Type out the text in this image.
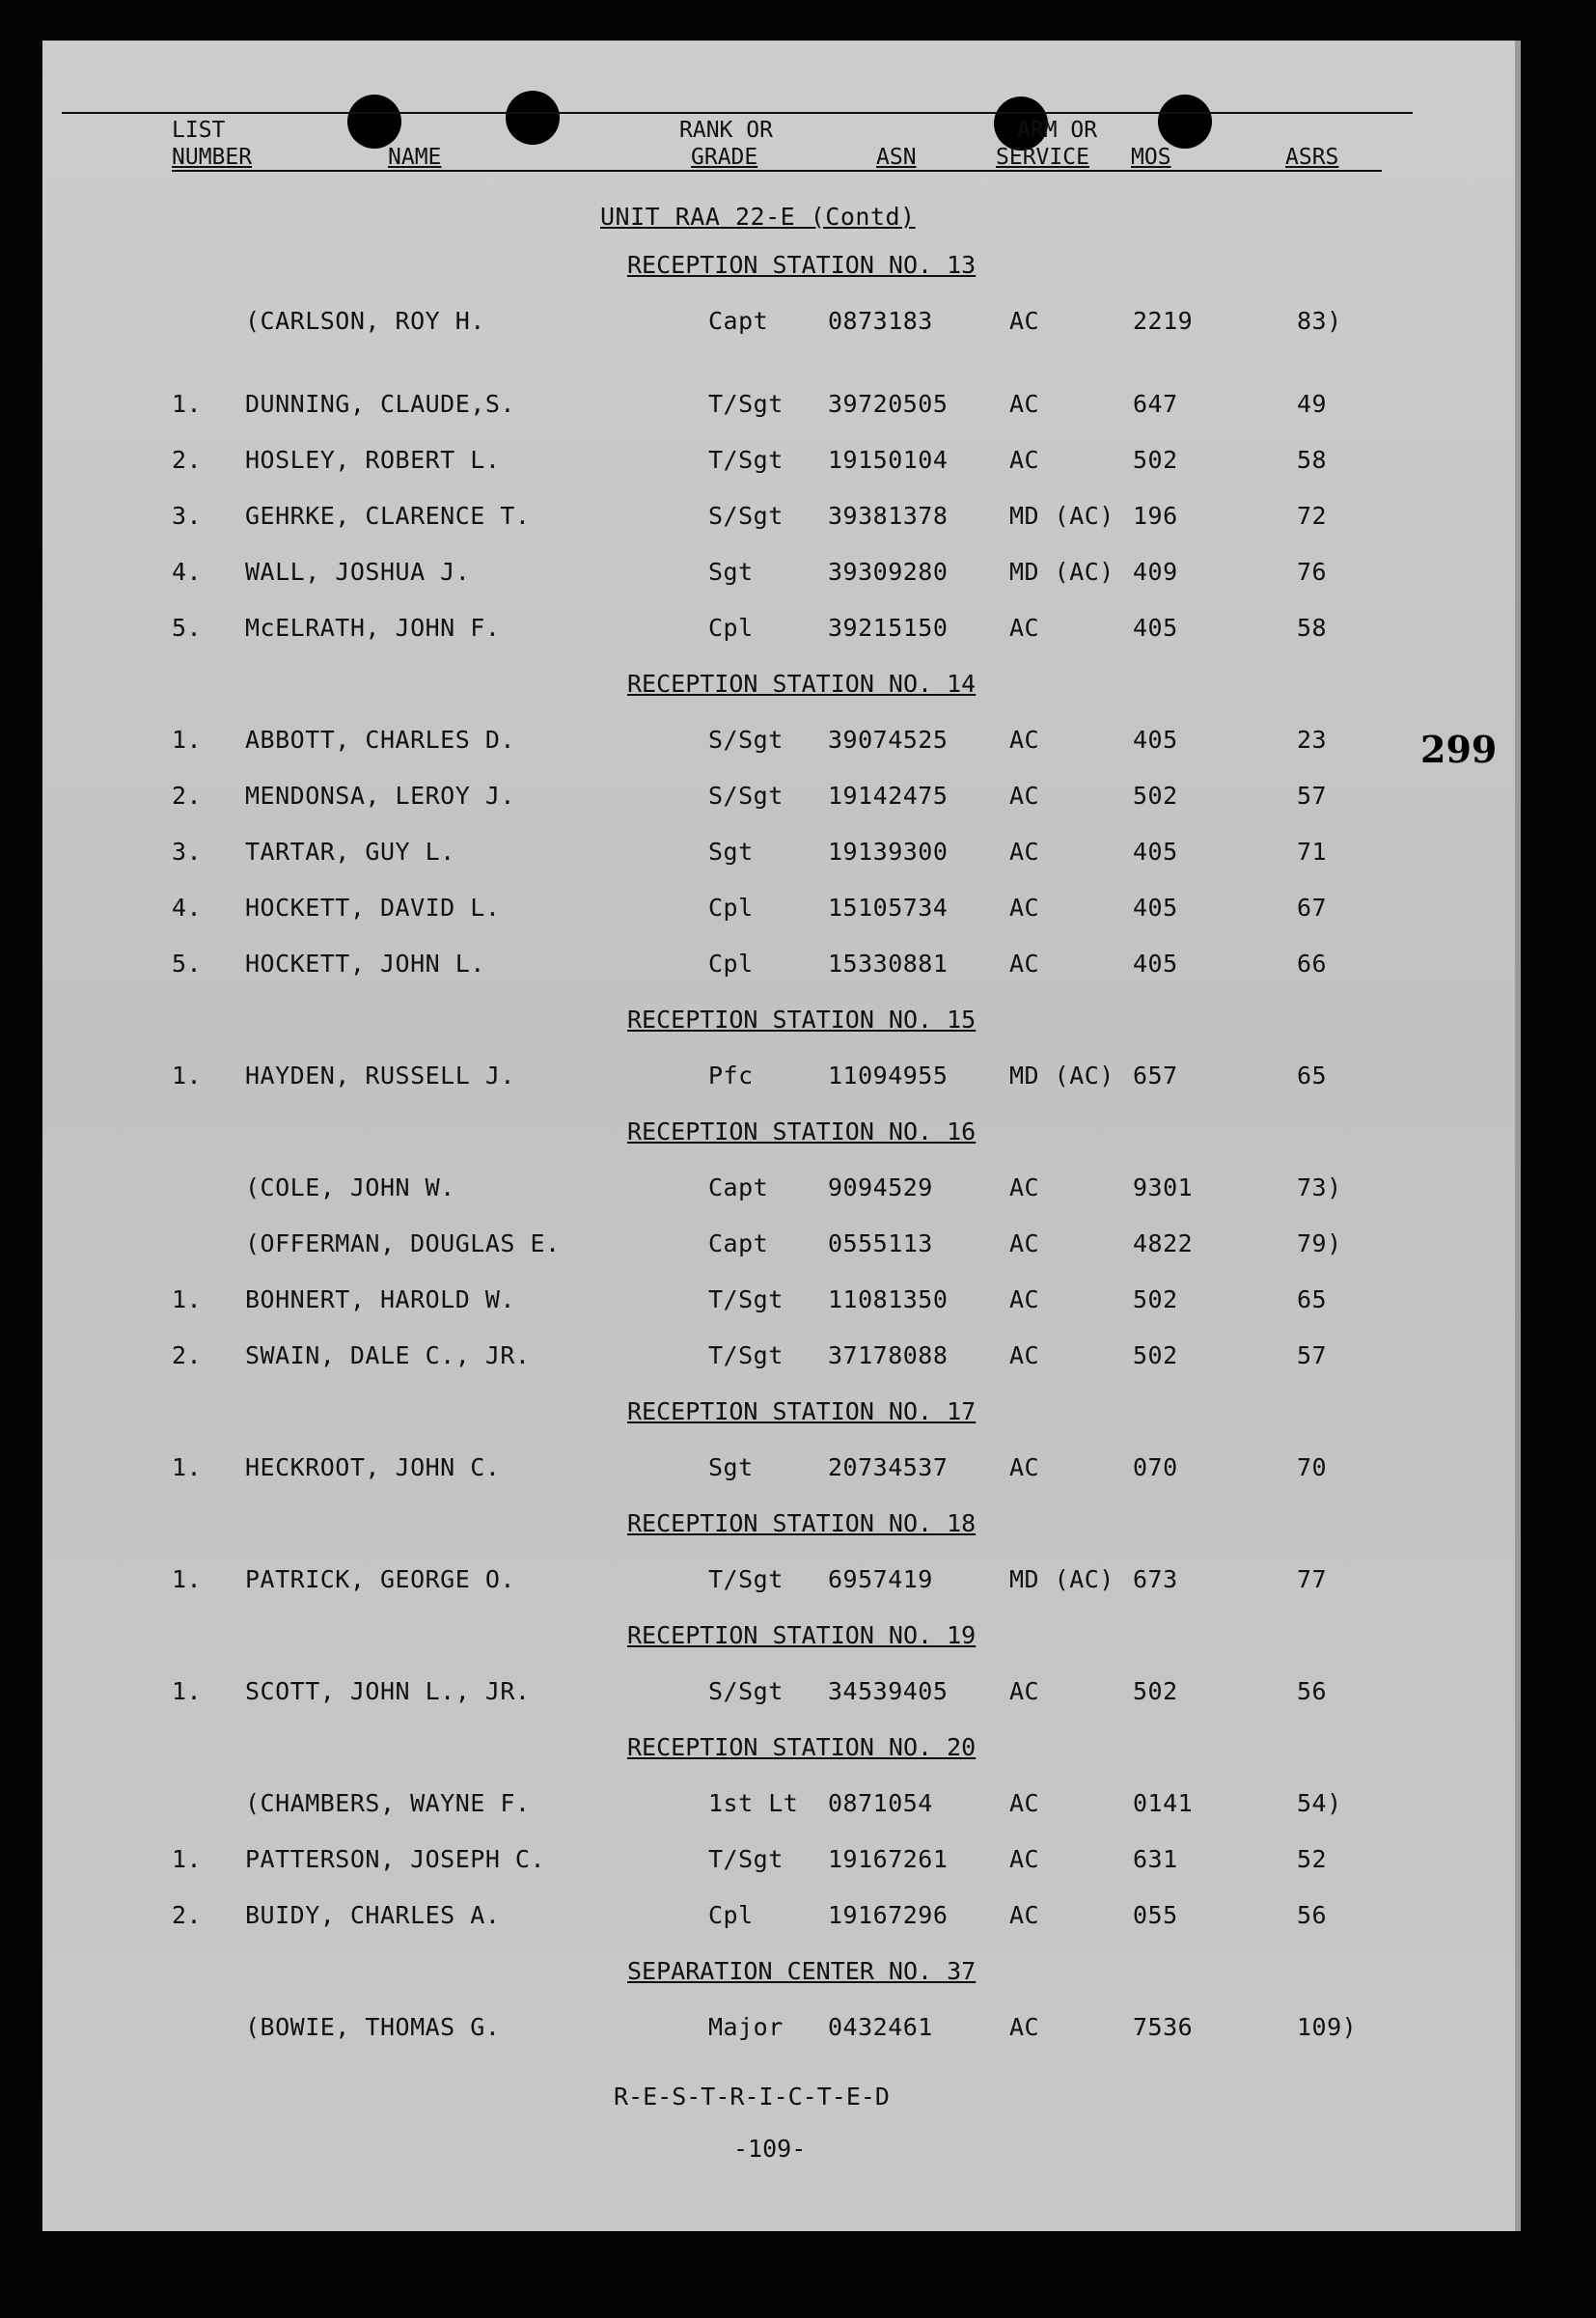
LIST
NUMBER	NAME
RANK OR
GRADE	ASN
ARM OR
SERVICE MOS	ASRS
UNIT RAA 22-E (Contd)
299
RECEPTION STATION NO. 13
(CARLSON, ROY H.	Capt 0873183	AC	2219	83)
1. DUNNING, CLAUDE,S.	T/Sgt 39720505	AC	647	49
2. HOSLEY, ROBERT L.	T/Sgt 19150104	AC	502	58
3. GEHRKE, CLARENCE T.	S/Sgt 39381378	MD (AC) 196	72
4. WALL, JOSHUA J.	Sgt	39309280	MD (AC) 409	76
5. McELRATH, JOHN F.	Cpl	39215150	AC	405	58
RECEPTION STATION NO. 14
1. ABBOTT, CHARLES D.	S/Sgt 39074525	AC	405	23
2. MENDONSA, LEROY J.	S/Sgt 19142475	AC	502	57
3. TARTAR, GUY L.	Sgt	19139300	AC	405	71
4. HOCKETT, DAVID L.	Cpl	15105734	AC	405	67
5. HOCKETT, JOHN L.	Cpl	15330881	AC	405	66
RECEPTION STATION NO. 15
1. HAYDEN, RUSSELL J.	Pfc	11094955	MD (AC) 657	65
RECEPTION STATION NO. 16
(COLE, JOHN W.	Capt 9094529	AC	9301	73)
(OFFERMAN, DOUGLAS E.	Capt 0555113	AC	4822	79)
1. BOHNERT, HAROLD W.	T/Sgt 11081350	AC	502	65
2. SWAIN, DALE C., JR.	T/Sgt 37178088	AC	502	57
RECEPTION STATION NO. 17
1. HECKROOT, JOHN C.	Sgt	20734537	AC	070	70
RECEPTION STATION NO. 18
1. PATRICK, GEORGE O.	T/Sgt 6957419	MD (AC) 673	77
RECEPTION STATION NO. 19
1. SCOTT, JOHN L., JR.	S/Sgt 34539405	AC	502	56
RECEPTION STATION NO. 20
(CHAMBERS, WAYNE F.	1st Lt 0871054	AC	0141	54)
1. PATTERSON, JOSEPH C.	T/Sgt 19167261	AC	631	52
2. BUIDY, CHARLES A.	Cpl	19167296	AC	055	56
SEPARATION CENTER NO. 37
(BOWIE, THOMAS G.	Major 0432461	AC	7536	109)
R-E-S-T-R-I-C-T-E-D
-109-
